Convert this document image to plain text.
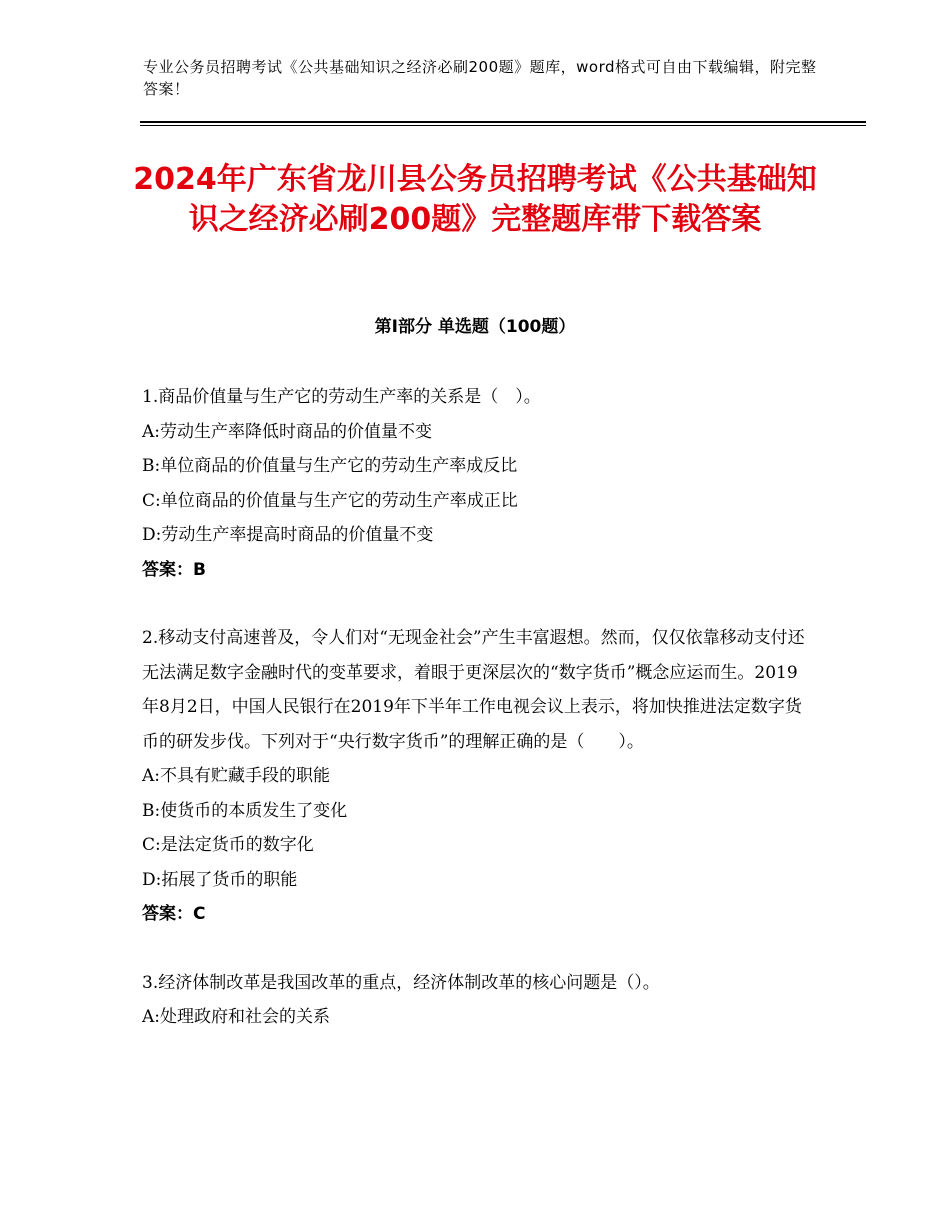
专业公务员招聘考试《公共基础知识之经济必刷200题》题库，word格式可自由下载编辑，附完整答案！
2024年广东省龙川县公务员招聘考试《公共基础知识之经济必刷200题》完整题库带下载答案
第Ⅰ部分 单选题（100题）

1.商品价值量与生产它的劳动生产率的关系是（　）。

A:劳动生产率降低时商品的价值量不变

B:单位商品的价值量与生产它的劳动生产率成反比

C:单位商品的价值量与生产它的劳动生产率成正比

D:劳动生产率提高时商品的价值量不变

答案：B

2.移动支付高速普及，令人们对“无现金社会”产生丰富遐想。然而，仅仅依靠移动支付还无法满足数字金融时代的变革要求，着眼于更深层次的“数字货币”概念应运而生。2019年8月2日，中国人民银行在2019年下半年工作电视会议上表示，将加快推进法定数字货币的研发步伐。下列对于“央行数字货币”的理解正确的是（　　）。

A:不具有贮藏手段的职能

B:使货币的本质发生了变化

C:是法定货币的数字化

D:拓展了货币的职能

答案：C

3.经济体制改革是我国改革的重点，经济体制改革的核心问题是（）。

A:处理政府和社会的关系
